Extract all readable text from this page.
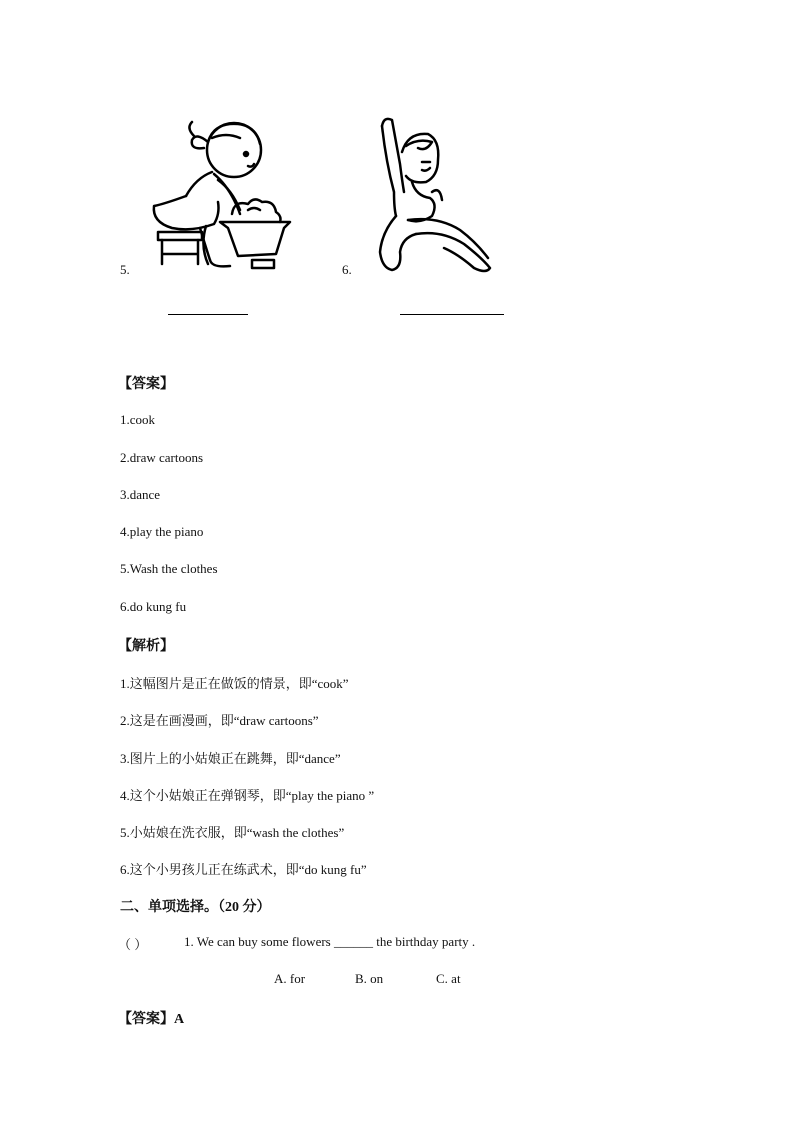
5.	6.
【答案】
1.cook
2.draw cartoons
3.dance
4.play the piano
5.Wash the clothes
6.do kung fu
【解析】
1.这幅图片是正在做饭的情景，即“cook”
2.这是在画漫画，即“draw cartoons”
3.图片上的小姑娘正在跳舞，即“dance”
4.这个小姑娘正在弹钢琴，即“play the piano ”
5.小姑娘在洗衣服，即“wash the clothes”
6.这个小男孩儿正在练武术，即“do kung fu”
二、单项选择。（20 分）
（ ）	1. We can buy some flowers ______ the birthday party .
A. for	B. on	C. at
【答案】A
